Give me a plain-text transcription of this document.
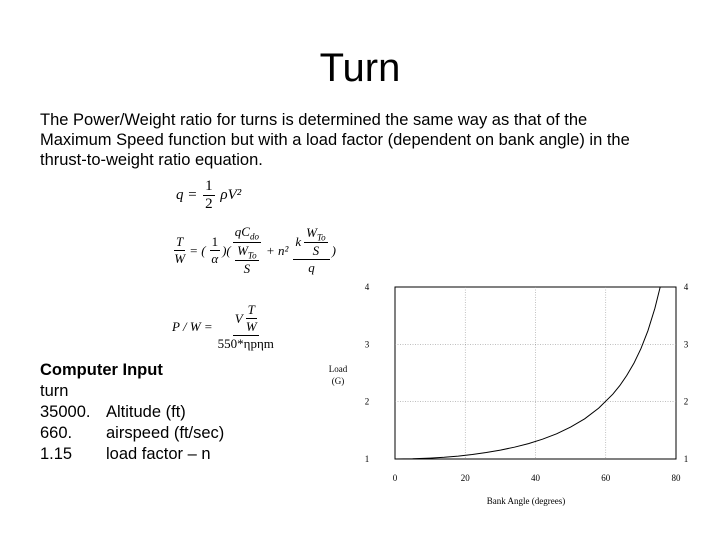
Turn
The Power/Weight ratio for turns is determined the same way as that of the Maximum Speed function but with a load factor (dependent on bank angle) in the thrust-to-weight ratio equation.
$q = \frac{1}{2} \rho V^2$
$\frac{T}{W}$ = ( $\frac{1}{\alpha}$ )( $\frac{qC_{do}}{\frac{W_{To}}{S}} + n^2 \frac{k \frac{W_{To}}{S}}{q}$ )
$P / W = \frac{V \frac{T}{W}}{\text{550*ηpηm}}$
Computer Input
turn
35000. Altitude (ft)
660.	airspeed (ft/sec)
1.15	load factor – n
0	20	40	60	80
1	1
2	2
3	3
4	4
Load
(G)
Bank Angle (degrees)
